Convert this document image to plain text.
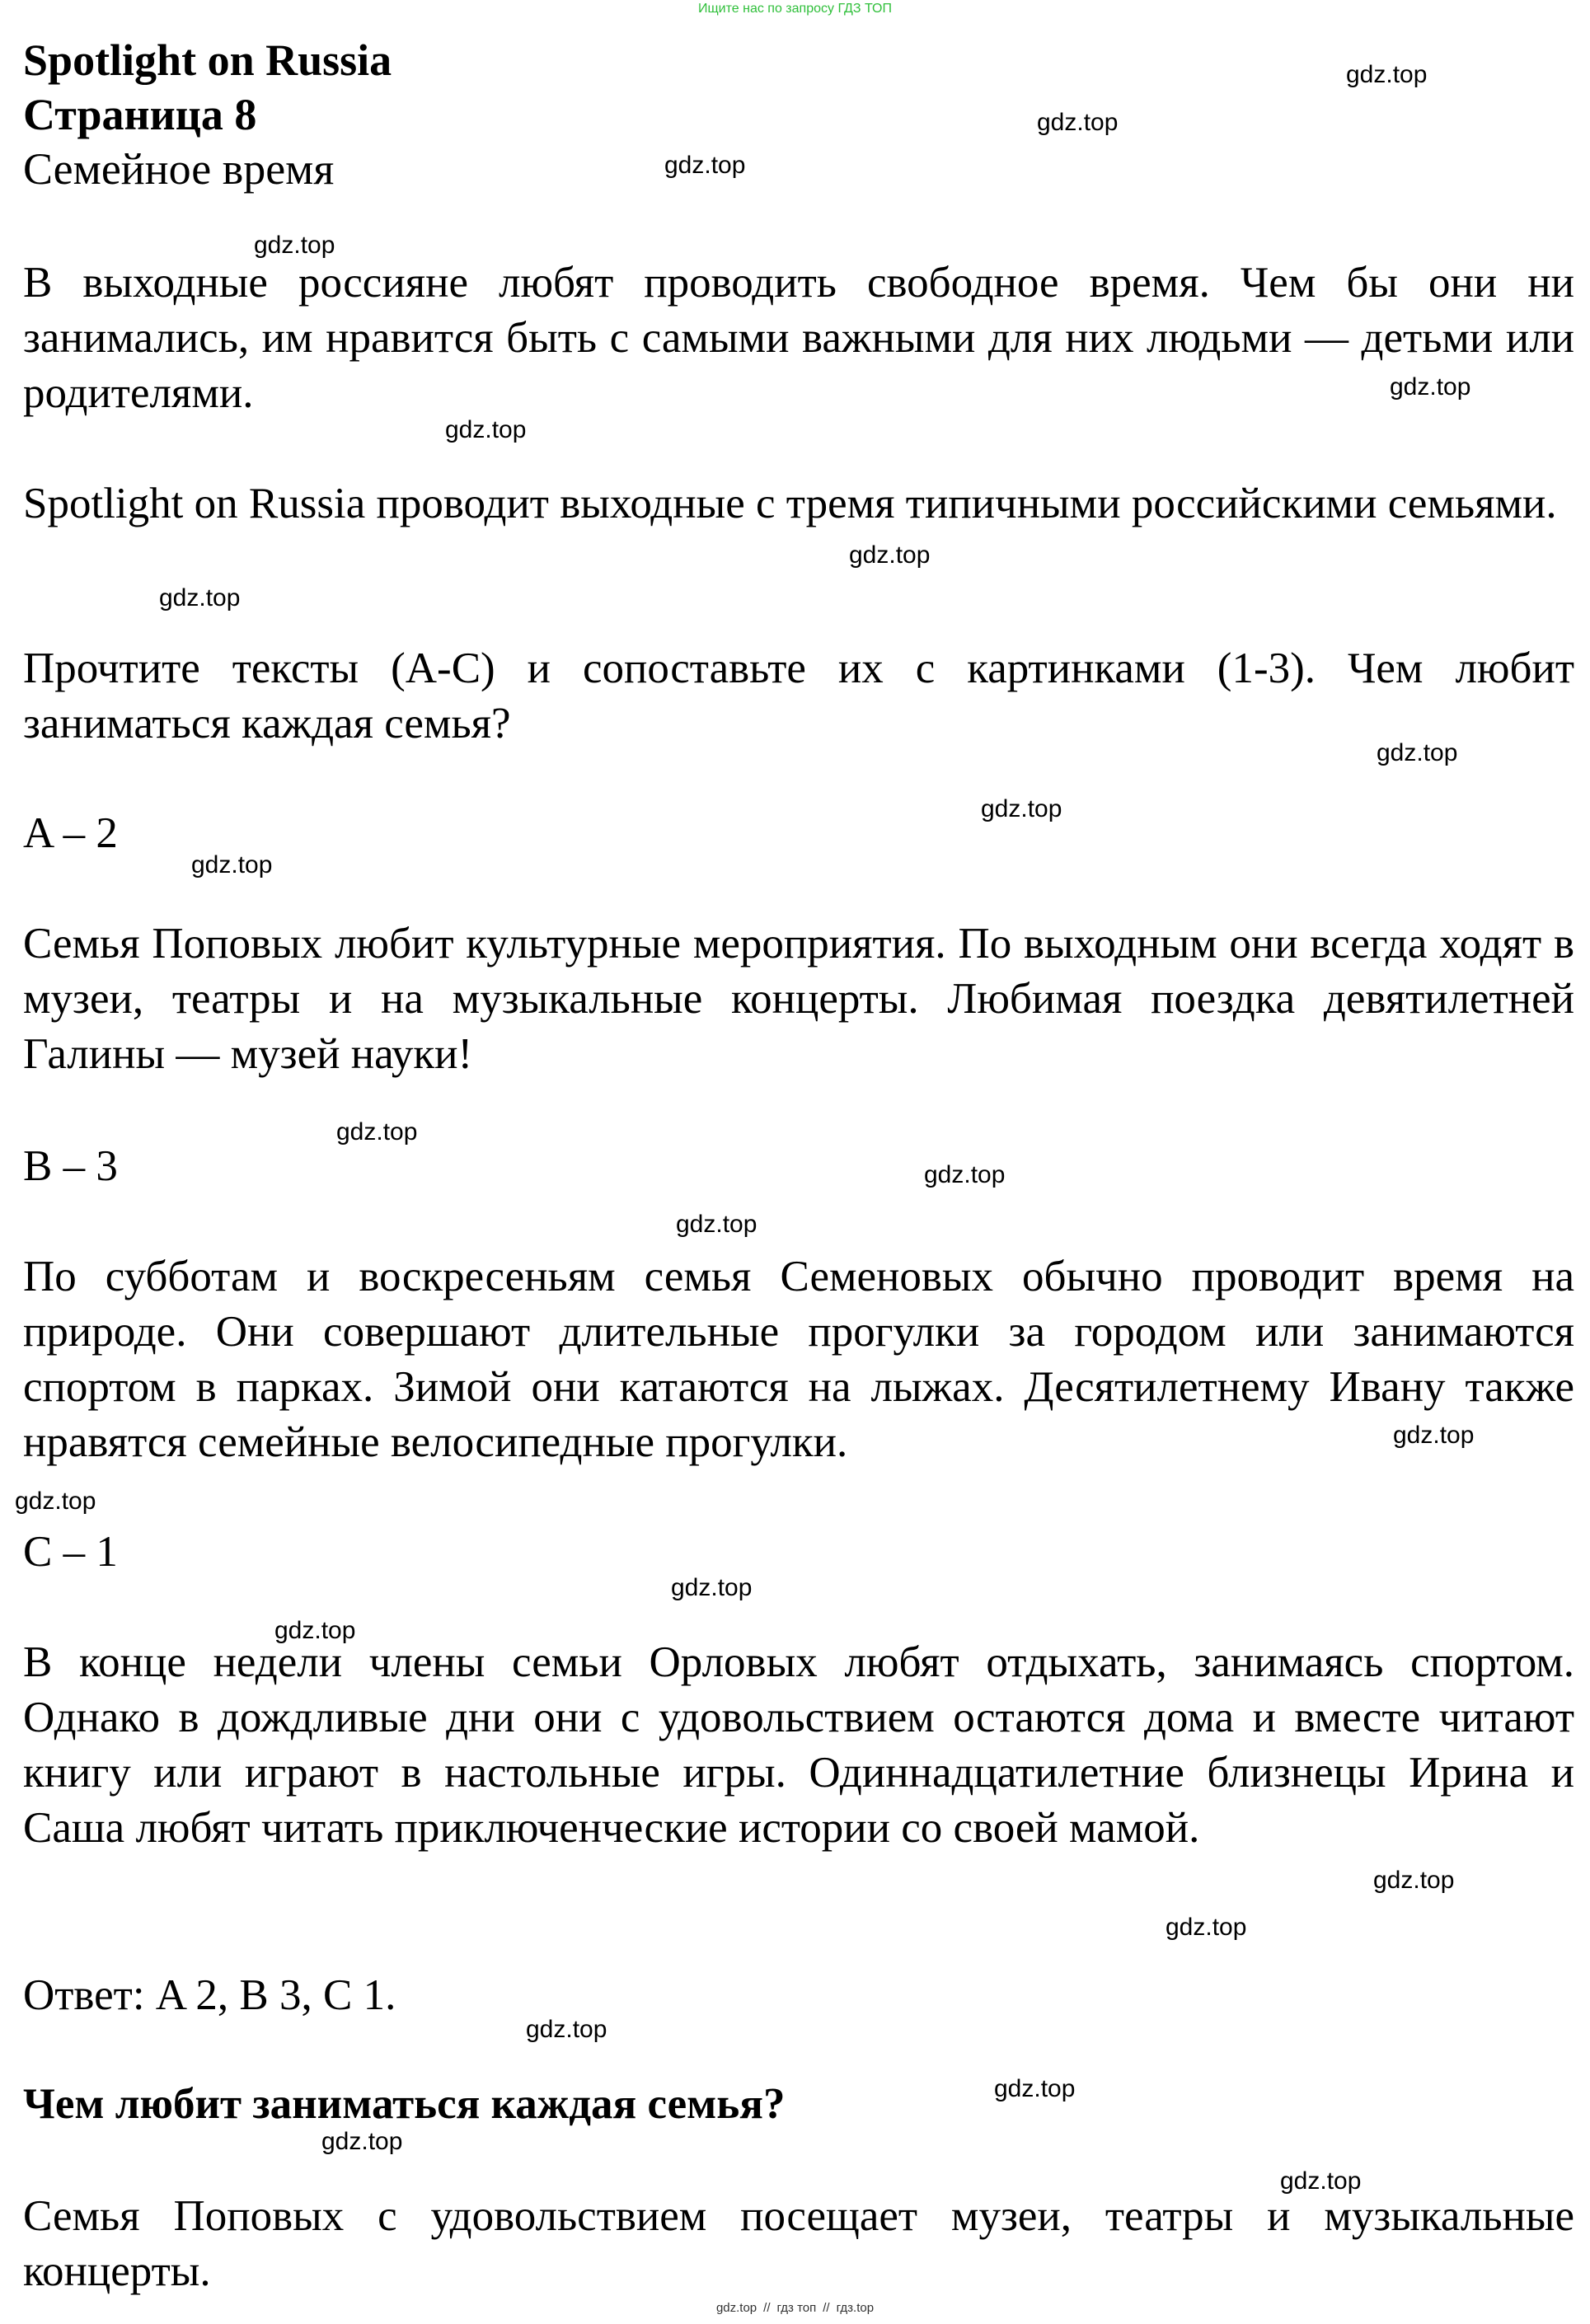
Ищите нас по запросу ГДЗ ТОП
Spotlight on Russia
Страница 8

Семейное время

В выходные россияне любят проводить свободное время. Чем бы они ни занимались, им нравится быть с самыми важными для них людьми — детьми или родителями.

Spotlight on Russia проводит выходные с тремя типичными российскими семьями.

Прочтите тексты (A-C) и сопоставьте их с картинками (1-3). Чем любит заниматься каждая семья?

A – 2

Семья Поповых любит культурные мероприятия. По выходным они всегда ходят в музеи, театры и на музыкальные концерты. Любимая поездка девятилетней Галины — музей науки!

B – 3

По субботам и воскресеньям семья Семеновых обычно проводит время на природе. Они совершают длительные прогулки за городом или занимаются спортом в парках. Зимой они катаются на лыжах. Десятилетнему Ивану также нравятся семейные велосипедные прогулки.

C – 1

В конце недели члены семьи Орловых любят отдыхать, занимаясь спортом. Однако в дождливые дни они с удовольствием остаются дома и вместе читают книгу или играют в настольные игры. Одиннадцатилетние близнецы Ирина и Саша любят читать приключенческие истории со своей мамой.

Ответ: A 2, B 3, C 1.

Чем любит заниматься каждая семья?

Семья Поповых с удовольствием посещает музеи, театры и музыкальные концерты.

gdz.top
gdz.top
gdz.top
gdz.top
gdz.top
gdz.top
gdz.top
gdz.top
gdz.top
gdz.top
gdz.top
gdz.top
gdz.top
gdz.top
gdz.top
gdz.top
gdz.top
gdz.top
gdz.top
gdz.top
gdz.top
gdz.top
gdz.top
gdz.top
gdz.top // гдз топ // гдз.top
